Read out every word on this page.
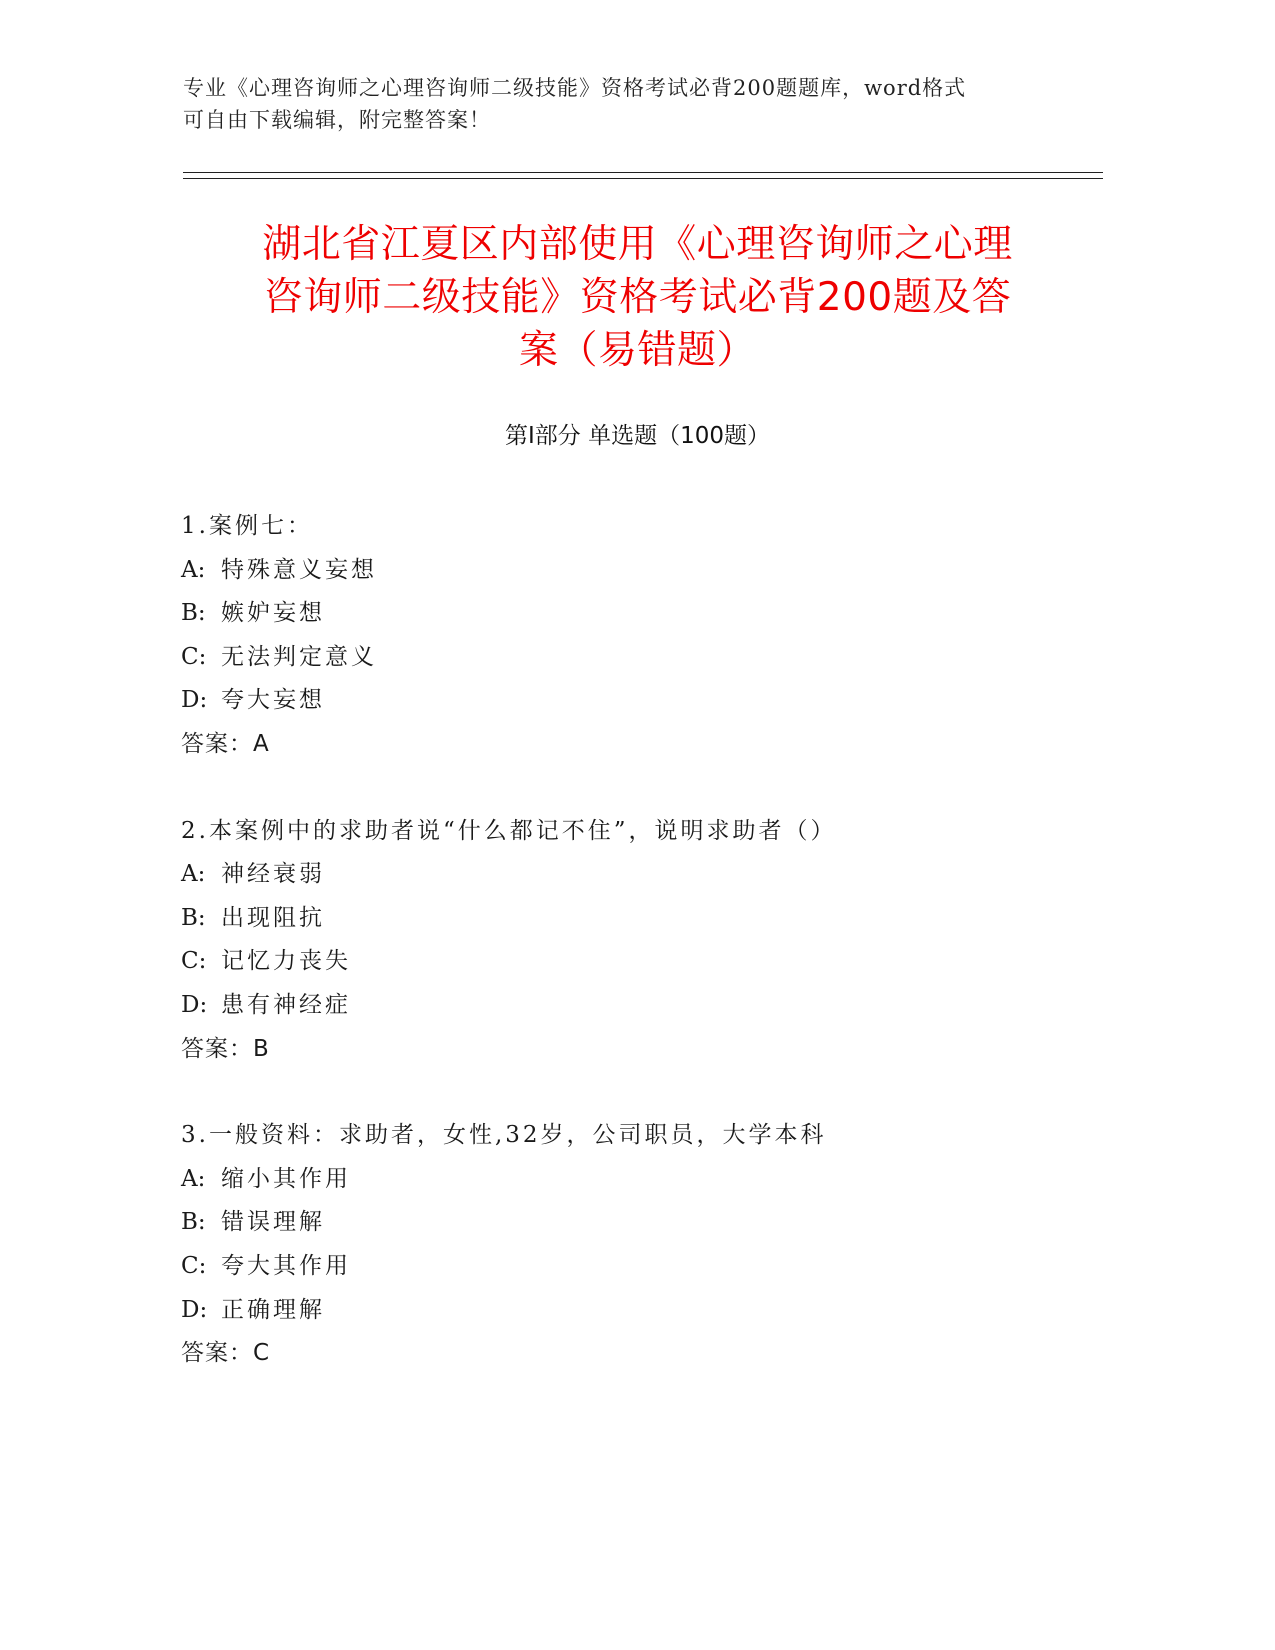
专业《心理咨询师之心理咨询师二级技能》资格考试必背200题题库，word格式
可自由下载编辑，附完整答案！
湖北省江夏区内部使用《心理咨询师之心理
咨询师二级技能》资格考试必背200题及答
案（易错题）
第Ⅰ部分 单选题（100题）
1.案例七：
A: 特殊意义妄想
B: 嫉妒妄想
C: 无法判定意义
D: 夸大妄想
答案：A
2.本案例中的求助者说“什么都记不住”，说明求助者（）
A: 神经衰弱
B: 出现阻抗
C: 记忆力丧失
D: 患有神经症
答案：B
3.一般资料：求助者，女性,32岁，公司职员，大学本科
A: 缩小其作用
B: 错误理解
C: 夸大其作用
D: 正确理解
答案：C
